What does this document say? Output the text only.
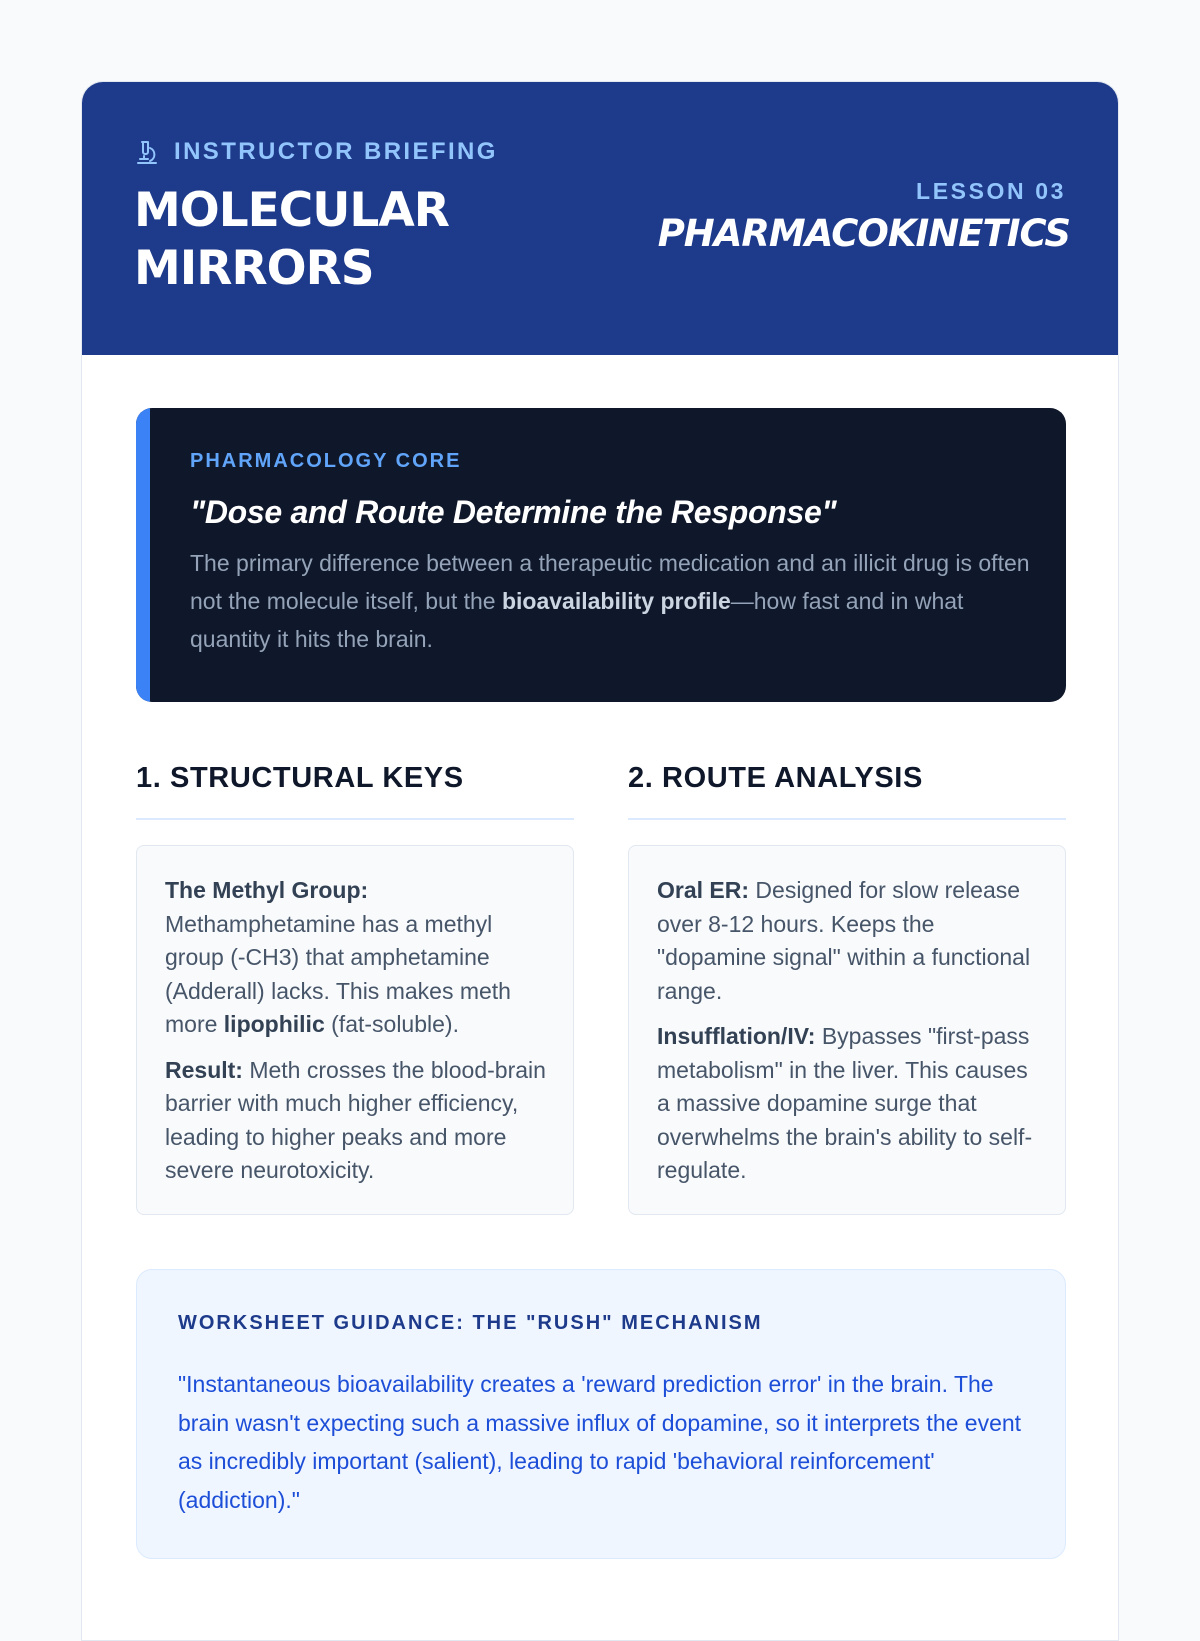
INSTRUCTOR BRIEFING
MOLECULAR
MIRRORS
LESSON 03
PHARMACOKINETICS
PHARMACOLOGY CORE
"Dose and Route Determine the Response"
The primary difference between a therapeutic medication and an illicit drug is often not the molecule itself, but the bioavailability profile—how fast and in what quantity it hits the brain.
1. STRUCTURAL KEYS	2. ROUTE ANALYSIS

The Methyl Group: Methamphetamine has a methyl group (-CH3) that amphetamine (Adderall) lacks. This makes meth more lipophilic (fat-soluble).

Result: Meth crosses the blood-brain barrier with much higher efficiency, leading to higher peaks and more severe neurotoxicity.

Oral ER: Designed for slow release over 8-12 hours. Keeps the "dopamine signal" within a functional range.

Insufflation/IV: Bypasses "first-pass metabolism" in the liver. This causes a massive dopamine surge that overwhelms the brain's ability to self-regulate.

WORKSHEET GUIDANCE: THE "RUSH" MECHANISM
"Instantaneous bioavailability creates a 'reward prediction error' in the brain. The brain wasn't expecting such a massive influx of dopamine, so it interprets the event as incredibly important (salient), leading to rapid 'behavioral reinforcement' (addiction)."
